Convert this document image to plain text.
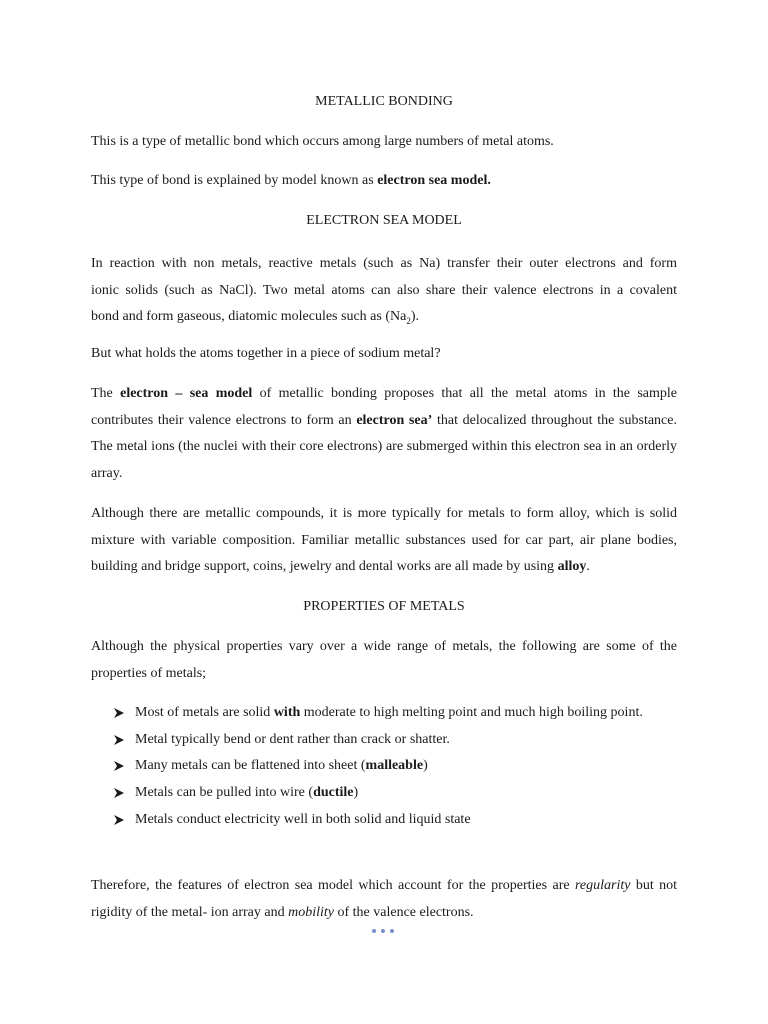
METALLIC BONDING

This is a type of metallic bond which occurs among large numbers of metal atoms.

This type of bond is explained by model known as electron sea model.

ELECTRON SEA MODEL
In reaction with non metals, reactive metals (such as Na) transfer their outer electrons and form
ionic solids (such as NaCl). Two metal atoms can also share their valence electrons in a covalent
bond and form gaseous, diatomic molecules such as $(Na_2)$.

But what holds the atoms together in a piece of sodium metal?

The electron – sea model of metallic bonding proposes that all the metal atoms in the sample contributes their valence electrons to form an electron sea’ that delocalized throughout the substance. The metal ions (the nuclei with their core electrons) are submerged within this electron sea in an orderly array.

Although there are metallic compounds, it is more typically for metals to form alloy, which is solid mixture with variable composition. Familiar metallic substances used for car part, air plane bodies, building and bridge support, coins, jewelry and dental works are all made by using alloy.

PROPERTIES OF METALS

Although the physical properties vary over a wide range of metals, the following are some of the properties of metals;

Most of metals are solid with moderate to high melting point and much high boiling point.
Metal typically bend or dent rather than crack or shatter.
Many metals can be flattened into sheet (malleable)
Metals can be pulled into wire (ductile)
Metals conduct electricity well in both solid and liquid state

Therefore, the features of electron sea model which account for the properties are regularity but not rigidity of the metal- ion array and mobility of the valence electrons.
